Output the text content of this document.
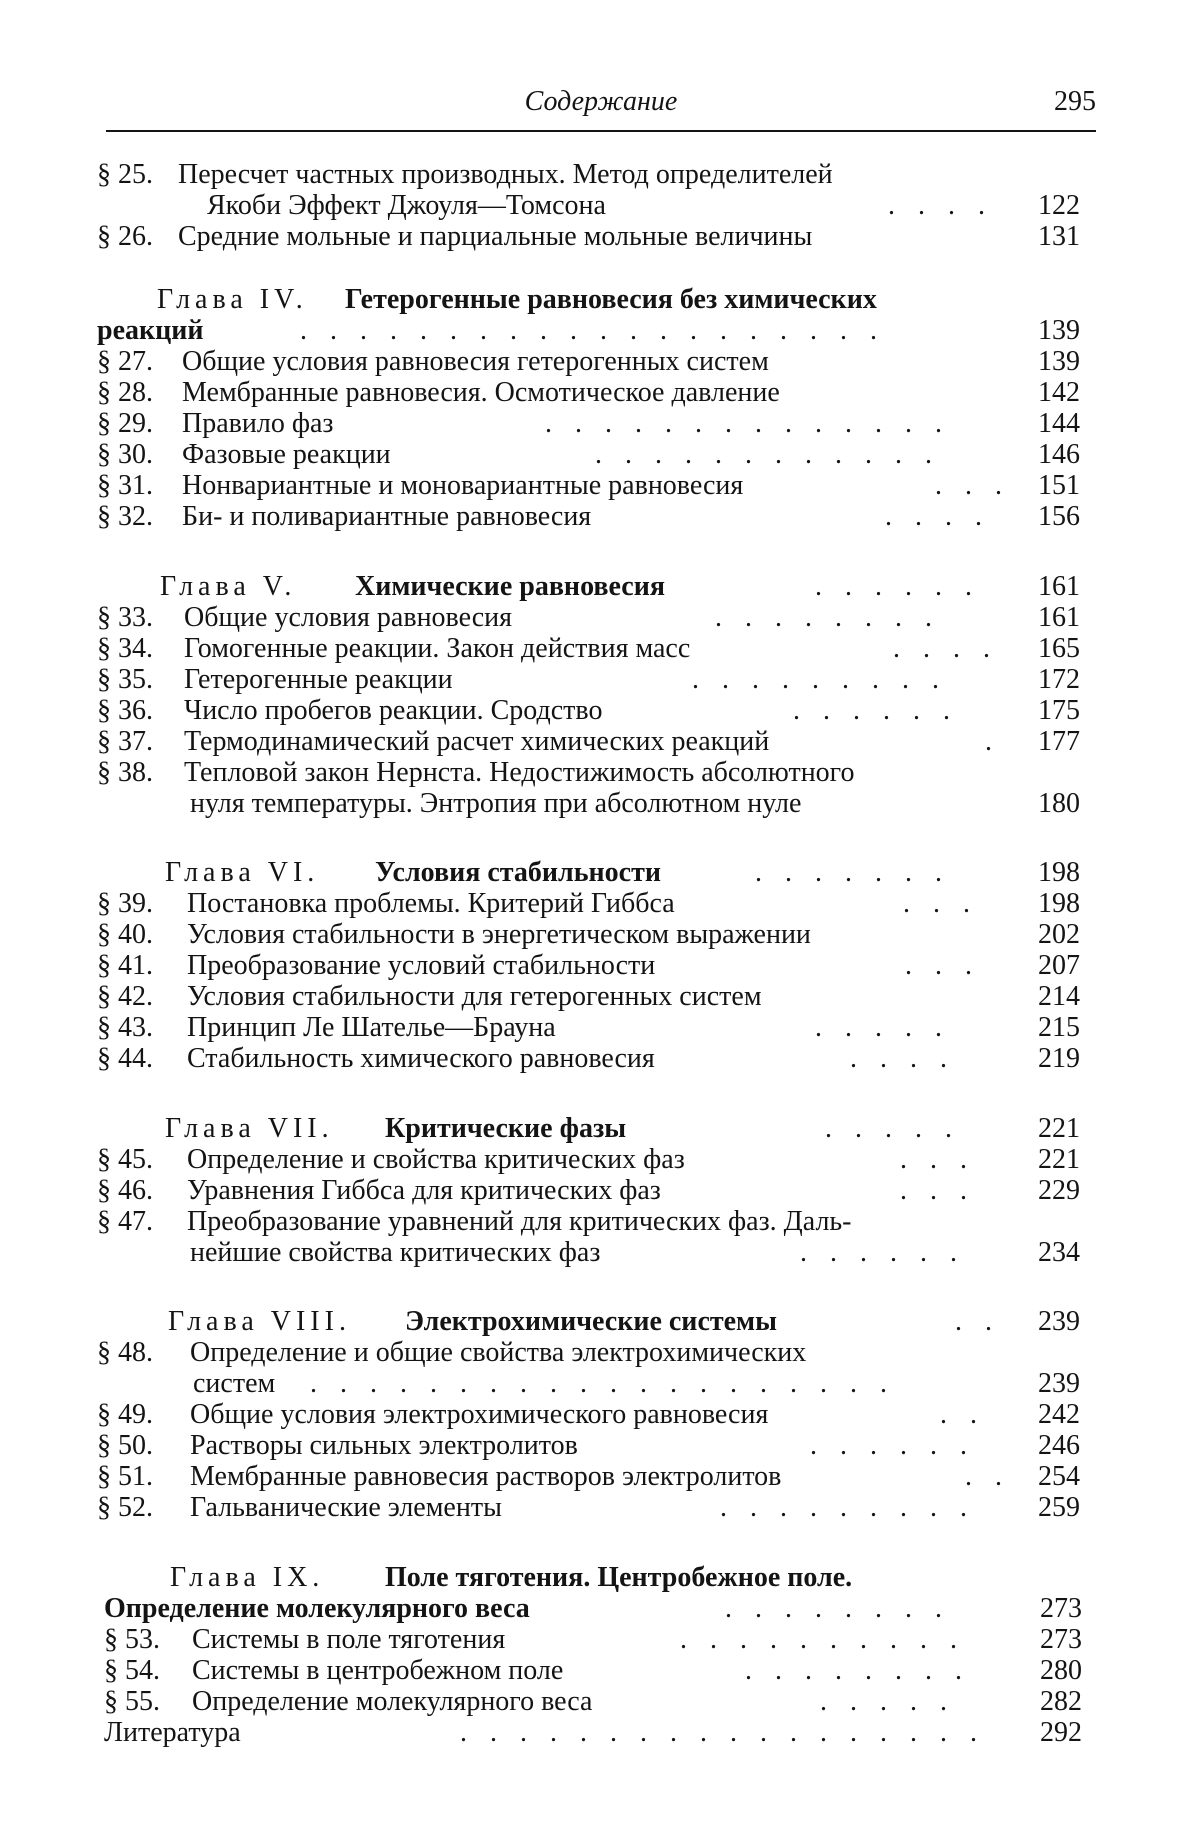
Содержание	295
§ 25. Пересчет частных производных. Метод определителей
Якоби Эффект Джоуля—Томсона	. . . . 122
§ 26. Средние мольные и парциальные мольные величины	131
Глава IV. Гетерогенные равновесия без химических
реакций	. . . . . . . . . . . . . . . . . . . .	139
§ 27. Общие условия равновесия гетерогенных систем	139
§ 28. Мембранные равновесия. Осмотическое давление	142
§ 29. Правило фаз	. . . . . . . . . . . . . .	144
§ 30. Фазовые реакции	. . . . . . . . . . . .	146
§ 31. Нонвариантные и моновариантные равновесия	. . . 151
§ 32. Би- и поливариантные равновесия	. . . . 156
Глава V. Химические равновесия	. . . . . . 161
§ 33. Общие условия равновесия	. . . . . . . .	161
§ 34. Гомогенные реакции. Закон действия масс	. . . . 165
§ 35. Гетерогенные реакции	. . . . . . . . .	172
§ 36. Число пробегов реакции. Сродство	. . . . . .	175
§ 37. Термодинамический расчет химических реакций	. 177
§ 38. Тепловой закон Нернста. Недостижимость абсолютного
нуля температуры. Энтропия при абсолютном нуле	180
Глава VI. Условия стабильности	. . . . . . .	198
§ 39. Постановка проблемы. Критерий Гиббса	. . . 198
§ 40. Условия стабильности в энергетическом выражении	202
§ 41. Преобразование условий стабильности	. . . 207
§ 42. Условия стабильности для гетерогенных систем	214
§ 43. Принцип Ле Шателье—Брауна	. . . . .	215
§ 44. Стабильность химического равновесия	. . . .	219
Глава VII. Критические фазы	. . . . .	221
§ 45. Определение и свойства критических фаз	. . . 221
§ 46. Уравнения Гиббса для критических фаз	. . . 229
§ 47. Преобразование уравнений для критических фаз. Даль-
нейшие свойства критических фаз	. . . . . .	234
Глава VIII. Электрохимические системы	. . 239
§ 48. Определение и общие свойства электрохимических
систем . . . . . . . . . . . . . . . . . . . .	239
§ 49. Общие условия электрохимического равновесия	. . 242
§ 50. Растворы сильных электролитов	. . . . . . 246
§ 51. Мембранные равновесия растворов электролитов	. . 254
§ 52. Гальванические элементы	. . . . . . . . . 259
Глава IX. Поле тяготения. Центробежное поле.
Определение молекулярного веса	. . . . . . . .	273
§ 53. Системы в поле тяготения	. . . . . . . . . .	273
§ 54. Системы в центробежном поле	. . . . . . . .	280
§ 55. Определение молекулярного веса	. . . . .	282
Литература	. . . . . . . . . . . . . . . . . . 292
